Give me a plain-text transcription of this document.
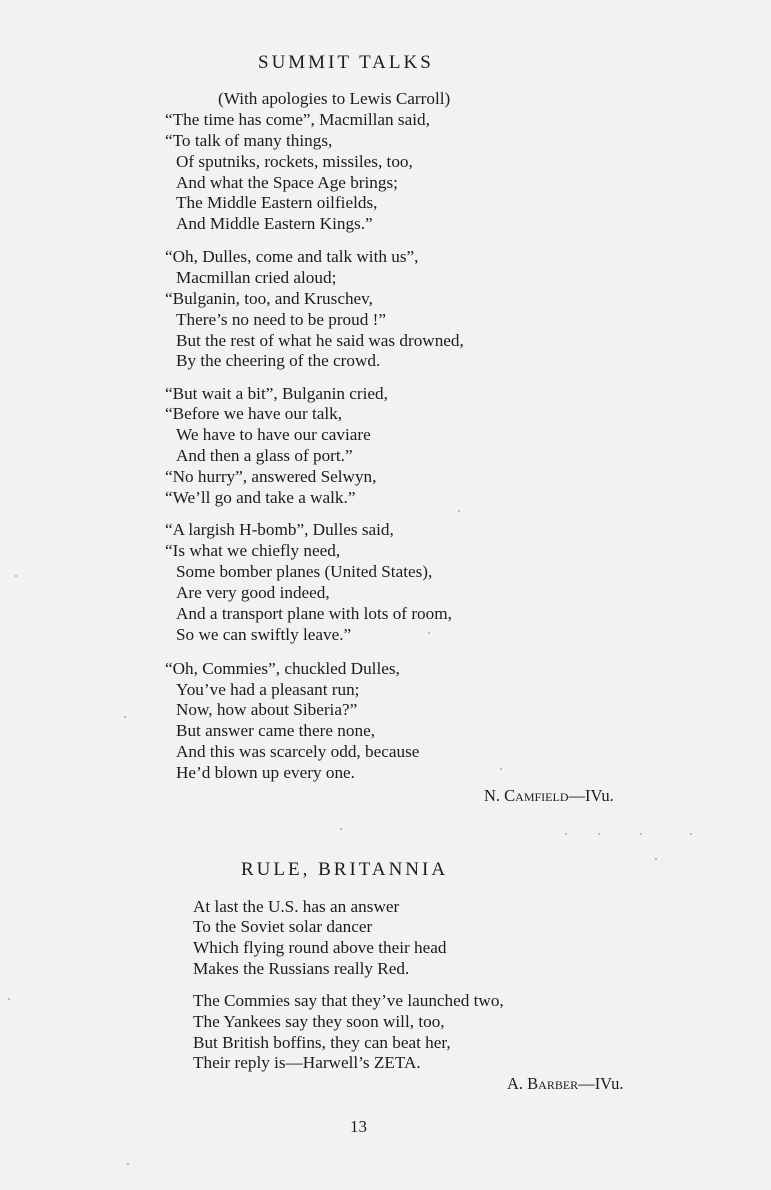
SUMMIT TALKS
(With apologies to Lewis Carroll)
“The time has come”, Macmillan said,
“To talk of many things,
Of sputniks, rockets, missiles, too,
And what the Space Age brings;
The Middle Eastern oilfields,
And Middle Eastern Kings.”
“Oh, Dulles, come and talk with us”,
Macmillan cried aloud;
“Bulganin, too, and Kruschev,
There’s no need to be proud !”
But the rest of what he said was drowned,
By the cheering of the crowd.
“But wait a bit”, Bulganin cried,
“Before we have our talk,
We have to have our caviare
And then a glass of port.”
“No hurry”, answered Selwyn,
“We’ll go and take a walk.”
“A largish H-bomb”, Dulles said,
“Is what we chiefly need,
Some bomber planes (United States),
Are very good indeed,
And a transport plane with lots of room,
So we can swiftly leave.”
“Oh, Commies”, chuckled Dulles,
You’ve had a pleasant run;
Now, how about Siberia?”
But answer came there none,
And this was scarcely odd, because
He’d blown up every one.
N. Camfield—IVu.
RULE, BRITANNIA
At last the U.S. has an answer
To the Soviet solar dancer
Which flying round above their head
Makes the Russians really Red.
The Commies say that they’ve launched two,
The Yankees say they soon will, too,
But British boffins, they can beat her,
Their reply is—Harwell’s ZETA.
A. Barber—IVu.
13
